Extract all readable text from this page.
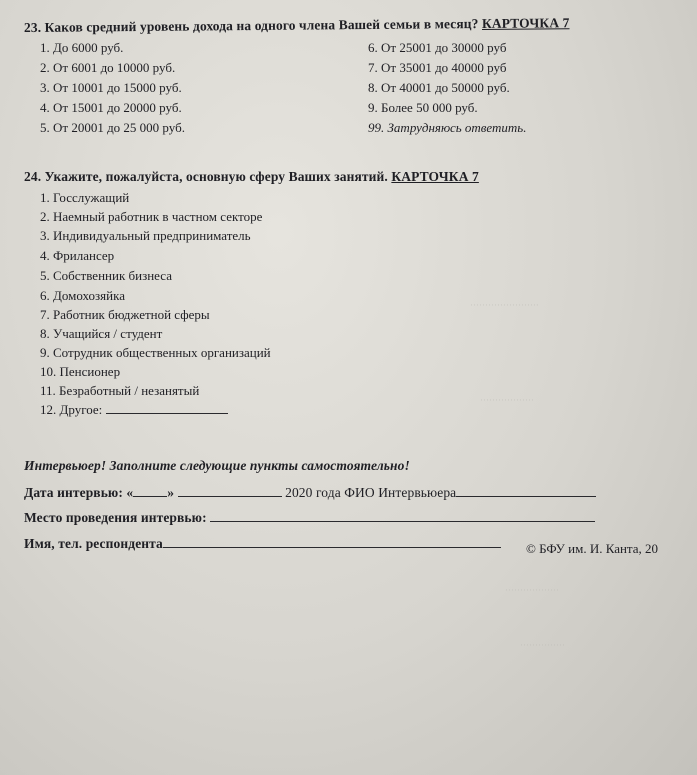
·······················
··················
··················
···············
23. Каков средний уровень дохода на одного члена Вашей семьи в месяц? КАРТОЧКА 7
1. До 6000 руб.
2. От 6001 до 10000 руб.
3. От 10001 до 15000 руб.
4. От 15001 до 20000 руб.
5. От 20001 до 25 000 руб.
6. От 25001 до 30000 руб
7. От 35001 до 40000 руб
8. От 40001 до 50000 руб.
9. Более 50 000 руб.
99. Затрудняюсь ответить.
24. Укажите, пожалуйста, основную сферу Ваших занятий. КАРТОЧКА 7
1. Госслужащий
2. Наемный работник в частном секторе
3. Индивидуальный предприниматель
4. Фрилансер
5. Собственник бизнеса
6. Домохозяйка
7. Работник бюджетной сферы
8. Учащийся / студент
9. Сотрудник общественных организаций
10. Пенсионер
11. Безработный / незанятый
12. Другое:
Интервьюер! Заполните следующие пункты самостоятельно!
Дата интервью: «	»	2020 года ФИО Интервьюера
Место проведения интервью:
Имя, тел. респондента	© БФУ им. И. Канта, 20
